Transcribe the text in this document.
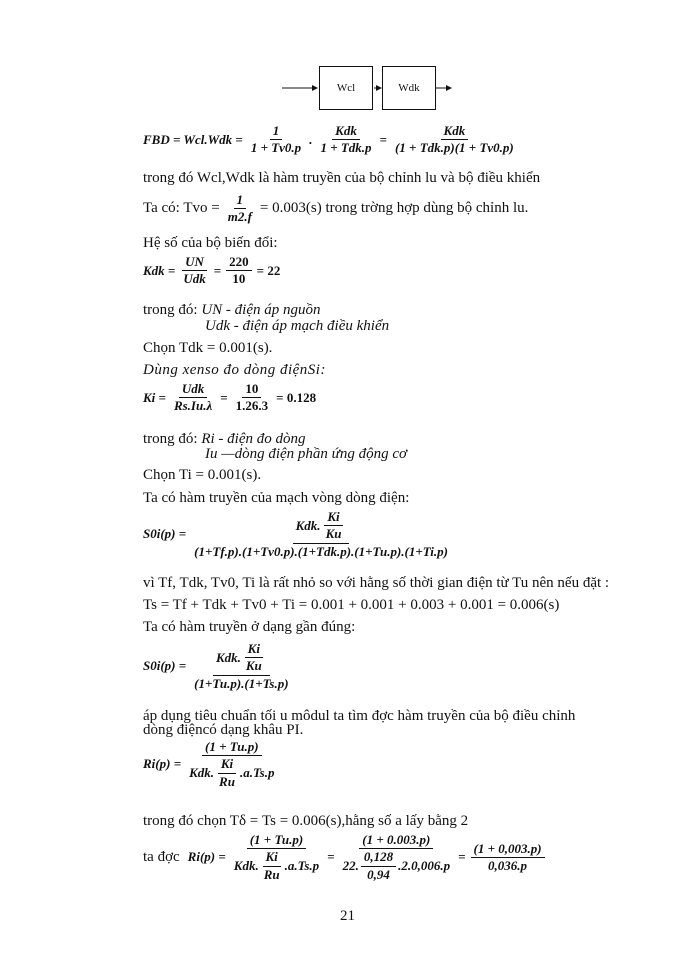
Wcl	Wdk
FBD = $Wcl.Wdk = \frac{1}{1 + Tv0.p}$ . $\frac{\text{Kdk}}{\text{1 + Tdk.p}} = \frac{\text{Kdk}}{\text{(1 + Tdk.p)(1 + Tv0.p)}}$
trong đó Wcl,Wdk là hàm truyền của bộ chỉnh lu và bộ điều khiển
Ta có: Tvo = $\frac{1}{m2.f} = 0.003(s)$ trong trờng hợp dùng bộ chỉnh lu.
Hệ số của bộ biến đổi:
Kdk = $\frac{UN}{\text{Udk}} = \frac{220}{10} = 22$
trong đó: UN - điện áp nguồn
Udk - điện áp mạch điều khiển
Chọn Tdk = 0.001(s).
Dùng xenso đo dòng điệnSi:
$Ki = \frac{\text{Udk}}{Rs.Iu.\lambda} = \frac{10}{1.26.3} = 0.128$
trong đó: Ri - điện đo dòng
Iu —dòng điện phần ứng động cơ
Chọn Ti = 0.001(s).
Ta có hàm truyền của mạch vòng dòng điện:
$S0i(p) = \frac{Kdk. \frac{Ki}{Ku}}{\text{(1+Tf.p).(1+Tv0.p).(1+Tdk.p).(1+Tu.p).(1+Ti.p)}}$
vì Tf, Tdk, Tv0, Ti là rất nhỏ so với hằng số thời gian điện từ Tu nên nếu đặt :
Ts = Tf + Tdk + Tv0 + Ti = 0.001 + 0.001 + 0.003 + 0.001 = 0.006(s)
Ta có hàm truyền ở dạng gần đúng:
$S0i(p) = \frac{Kdk. \frac{Ki}{Ku}}{(1+Tu.p).(1+Ts.p)}$
áp dụng tiêu chuẩn tối u môdul ta tìm đợc hàm truyền của bộ điều chỉnh
dòng điệncó dạng khâu PI.
$Ri(p) = \frac{(1 + Tu.p)}{Kdk. \frac{Ki}{Ru} .a.Ts.p}$
trong đó chọn Tδ = Ts = 0.006(s),hằng số a lấy bằng 2
ta đợc $Ri(p) = \frac{(1 + Tu.p)}{Kdk. \frac{Ki}{Ru} .a.Ts.p} = \frac{(1 + 0.003.p)}{22. \frac{0,128}{0,94} .2.0,006.p} = \frac{(1 + 0,003.p)}{0,036.p}$
21
